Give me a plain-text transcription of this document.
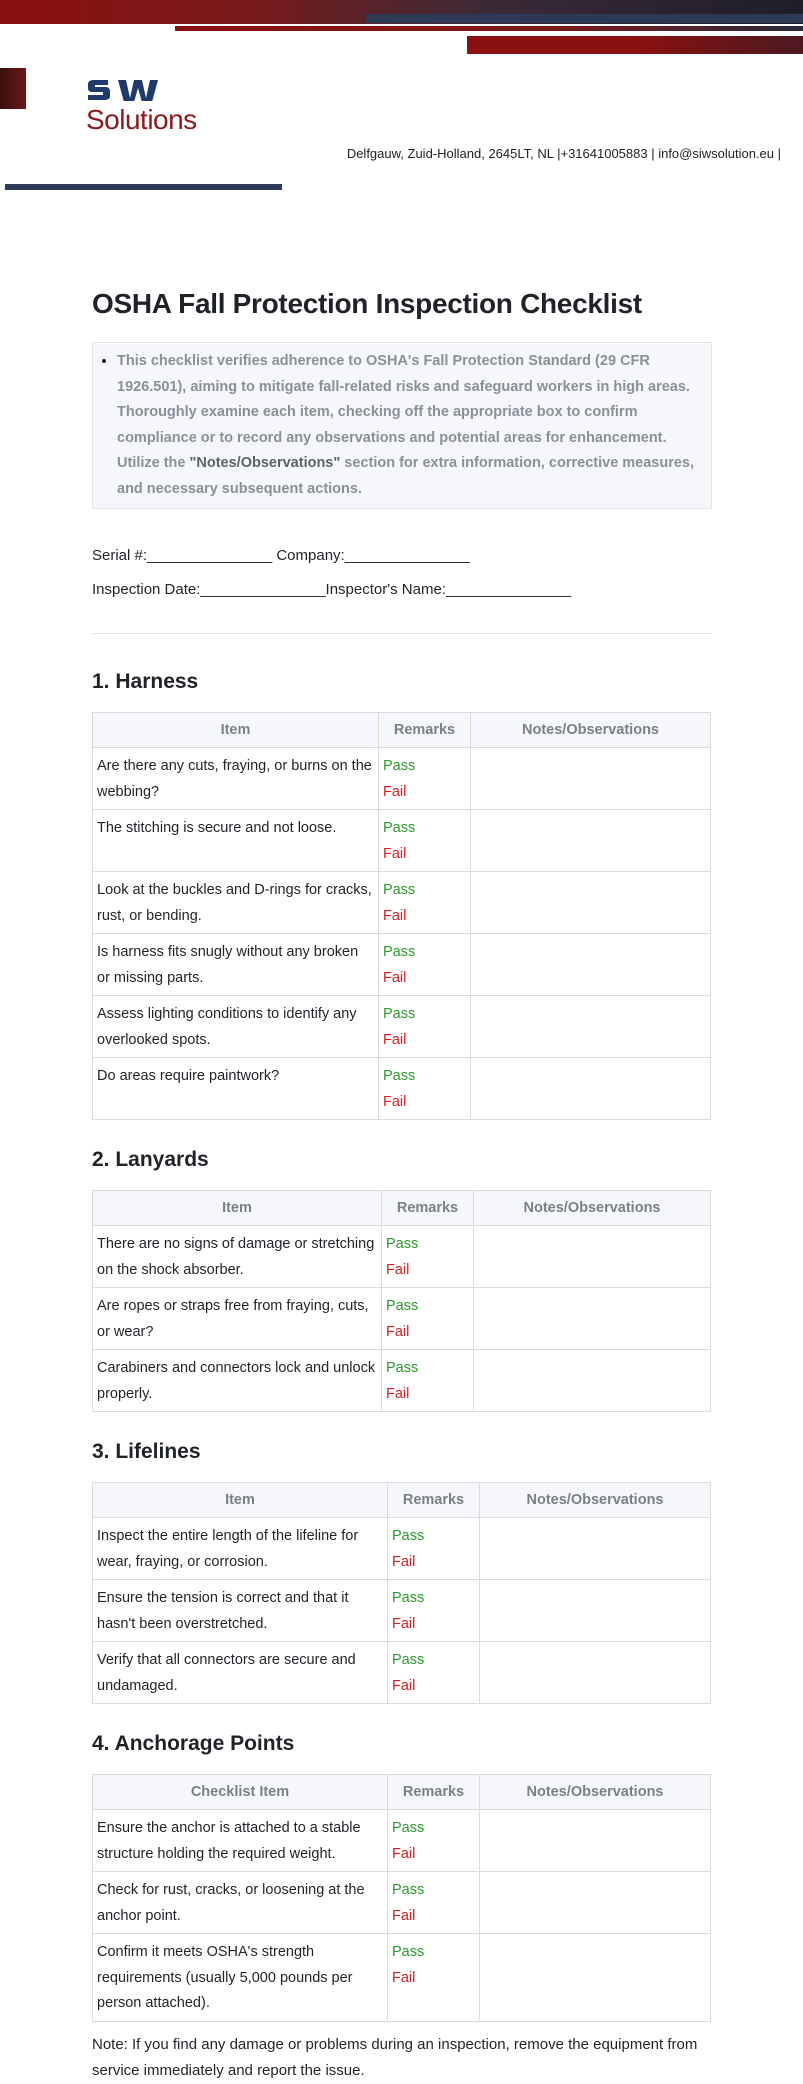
Solutions
Delfgauw, Zuid-Holland, 2645LT, NL |+31641005883 | info@siwsolution.eu |
OSHA Fall Protection Inspection Checklist
• This checklist verifies adherence to OSHA's Fall Protection Standard (29 CFR 1926.501), aiming to mitigate fall-related risks and safeguard workers in high areas. Thoroughly examine each item, checking off the appropriate box to confirm compliance or to record any observations and potential areas for enhancement. Utilize the "Notes/Observations" section for extra information, corrective measures, and necessary subsequent actions.
Serial #:_______________ Company:_______________
Inspection Date:_______________Inspector's Name:_______________
1. Harness
Item	Remarks	Notes/Observations
Are there any cuts, fraying, or burns on the webbing?	Pass
Fail	

The stitching is secure and not loose.	Pass
Fail	

Look at the buckles and D-rings for cracks, rust, or bending.	Pass
Fail	

Is harness fits snugly without any broken or missing parts.	Pass
Fail	

Assess lighting conditions to identify any overlooked spots.	Pass
Fail	

Do areas require paintwork?	Pass
Fail	

2. Lanyards
Item	Remarks	Notes/Observations
There are no signs of damage or stretching on the shock absorber.	Pass
Fail	

Are ropes or straps free from fraying, cuts, or wear?	Pass
Fail	

Carabiners and connectors lock and unlock properly.	Pass
Fail	

3. Lifelines
Item	Remarks	Notes/Observations
Inspect the entire length of the lifeline for wear, fraying, or corrosion.	Pass
Fail	

Ensure the tension is correct and that it hasn't been overstretched.	Pass
Fail	

Verify that all connectors are secure and undamaged.	Pass
Fail	

4. Anchorage Points
Checklist Item	Remarks	Notes/Observations
Ensure the anchor is attached to a stable structure holding the required weight.	Pass
Fail	

Check for rust, cracks, or loosening at the anchor point.	Pass
Fail	

Confirm it meets OSHA's strength requirements (usually 5,000 pounds per person attached).	Pass
Fail	

Note: If you find any damage or problems during an inspection, remove the equipment from service immediately and report the issue.
